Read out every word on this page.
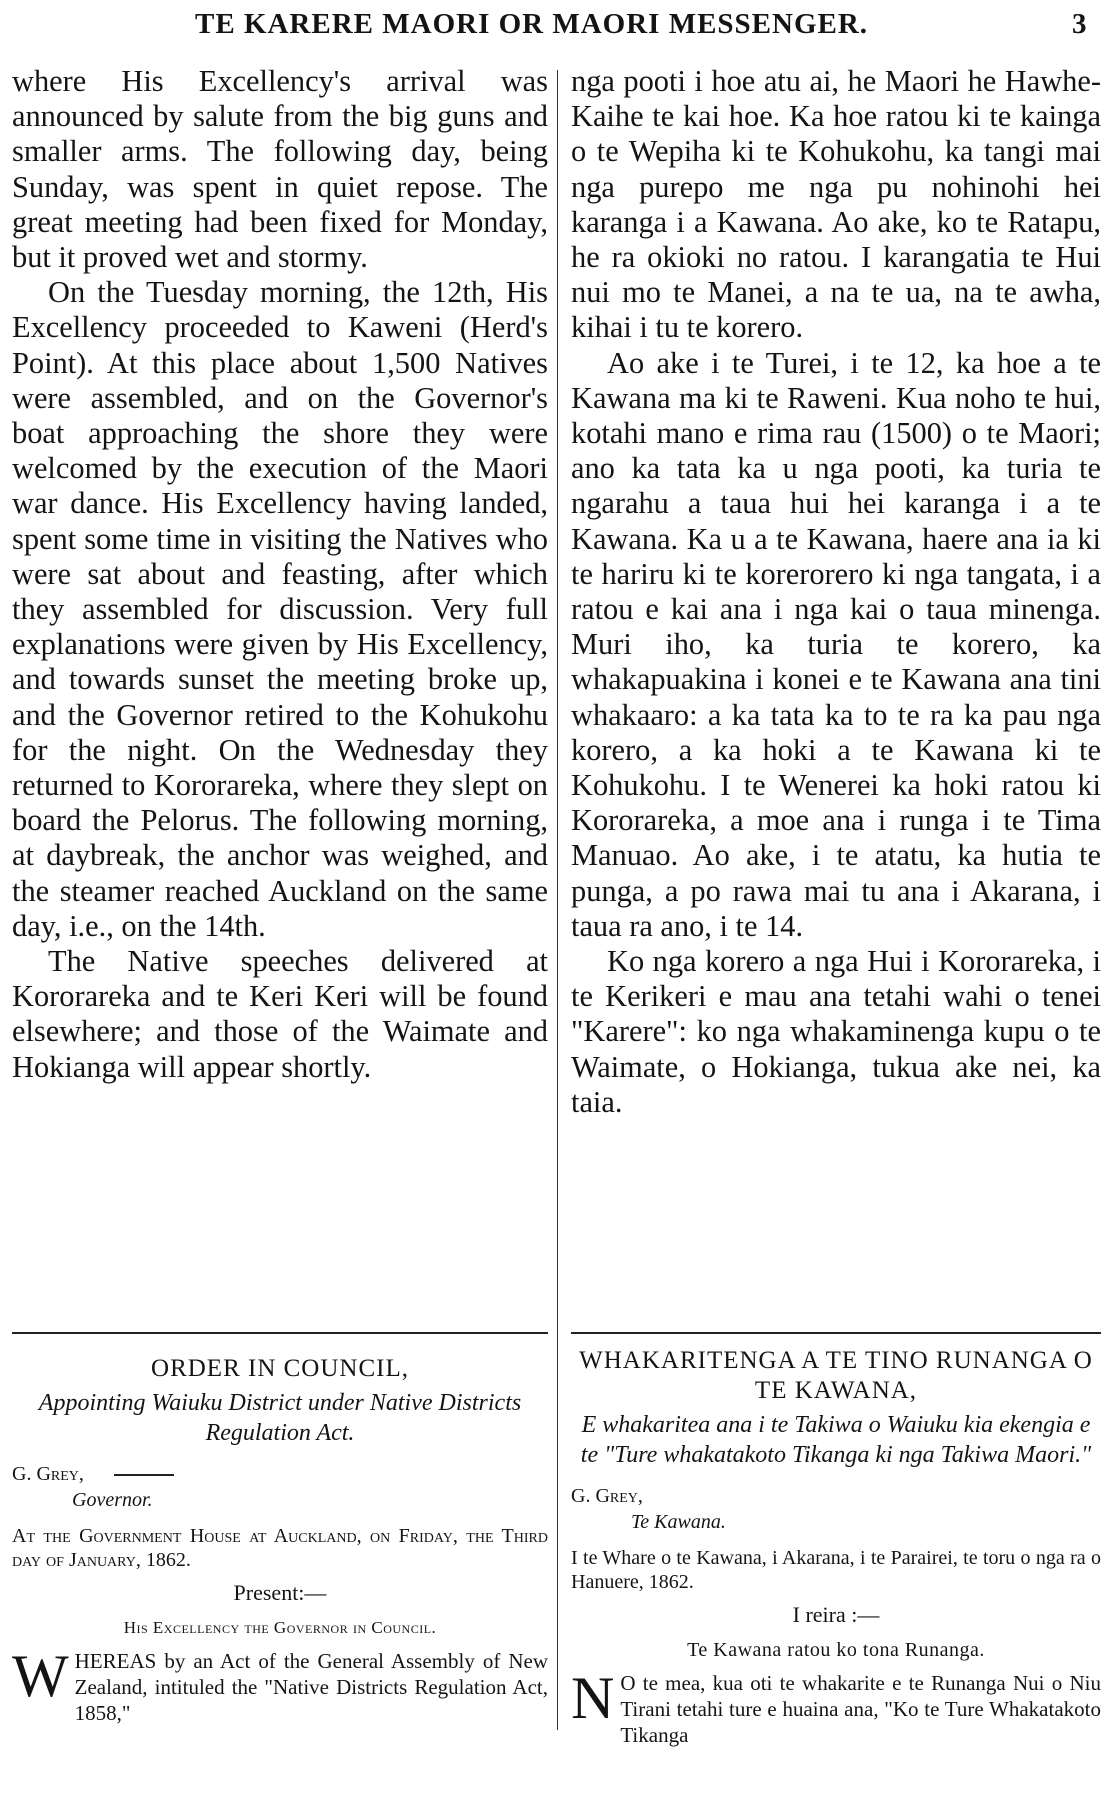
TE KARERE MAORI OR MAORI MESSENGER.	3

where His Excellency's arrival was announced by salute from the big guns and smaller arms. The following day, being Sunday, was spent in quiet repose. The great meeting had been fixed for Monday, but it proved wet and stormy.

On the Tuesday morning, the 12th, His Excellency proceeded to Kaweni (Herd's Point). At this place about 1,500 Natives were assembled, and on the Governor's boat approaching the shore they were welcomed by the execution of the Maori war dance. His Excellency having landed, spent some time in visiting the Natives who were sat about and feasting, after which they assembled for discussion. Very full explanations were given by His Excellency, and towards sunset the meeting broke up, and the Governor retired to the Kohukohu for the night. On the Wednesday they returned to Kororareka, where they slept on board the Pelorus. The following morning, at daybreak, the anchor was weighed, and the steamer reached Auckland on the same day, i.e., on the 14th.

The Native speeches delivered at Kororareka and te Keri Keri will be found elsewhere; and those of the Waimate and Hokianga will appear shortly.

nga pooti i hoe atu ai, he Maori he Hawhe-Kaihe te kai hoe. Ka hoe ratou ki te kainga o te Wepiha ki te Kohukohu, ka tangi mai nga purepo me nga pu nohinohi hei karanga i a Kawana. Ao ake, ko te Ratapu, he ra okioki no ratou. I karangatia te Hui nui mo te Manei, a na te ua, na te awha, kihai i tu te korero.

Ao ake i te Turei, i te 12, ka hoe a te Kawana ma ki te Raweni. Kua noho te hui, kotahi mano e rima rau (1500) o te Maori; ano ka tata ka u nga pooti, ka turia te ngarahu a taua hui hei karanga i a te Kawana. Ka u a te Kawana, haere ana ia ki te hariru ki te korerorero ki nga tangata, i a ratou e kai ana i nga kai o taua minenga. Muri iho, ka turia te korero, ka whakapuakina i konei e te Kawana ana tini whakaaro: a ka tata ka to te ra ka pau nga korero, a ka hoki a te Kawana ki te Kohukohu. I te Wenerei ka hoki ratou ki Kororareka, a moe ana i runga i te Tima Manuao. Ao ake, i te atatu, ka hutia te punga, a po rawa mai tu ana i Akarana, i taua ra ano, i te 14.

Ko nga korero a nga Hui i Kororareka, i te Kerikeri e mau ana tetahi wahi o tenei "Karere": ko nga whakaminenga kupu o te Waimate, o Hokianga, tukua ake nei, ka taia.

ORDER IN COUNCIL,

Appointing Waiuku District under Native Districts Regulation Act.

G. Grey,

Governor.

At the Government House at Auckland, on Friday, the Third day of January, 1862.

Present:—

His Excellency the Governor in Council.

WHEREAS by an Act of the General Assembly of New Zealand, intituled the "Native Districts Regulation Act, 1858,"

WHAKARITENGA A TE TINO RUNANGA O TE KAWANA,

E whakaritea ana i te Takiwa o Waiuku kia ekengia e te "Ture whakatakoto Tikanga ki nga Takiwa Maori."

G. Grey,

Te Kawana.

I te Whare o te Kawana, i Akarana, i te Parairei, te toru o nga ra o Hanuere, 1862.

I reira :—

Te Kawana ratou ko tona Runanga.

N O te mea, kua oti te whakarite e te Runanga Nui o Niu Tirani tetahi ture e huaina ana, "Ko te Ture Whakatakoto Tikanga
